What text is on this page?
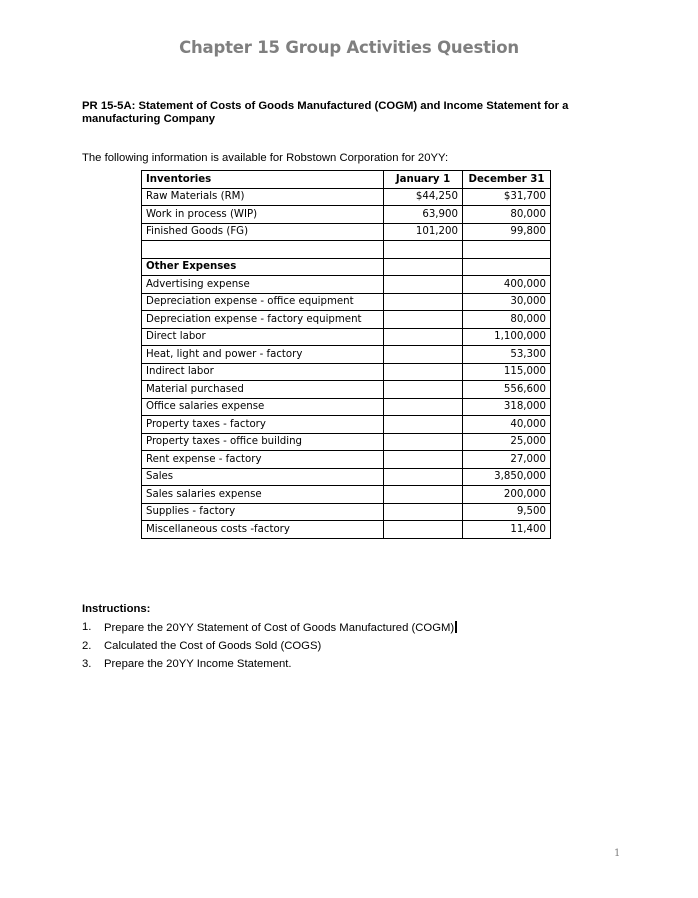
Chapter 15 Group Activities Question
PR 15-5A: Statement of Costs of Goods Manufactured (COGM) and Income Statement for a manufacturing Company
The following information is available for Robstown Corporation for 20YY:
Inventories	January 1	December 31
Raw Materials (RM)	$44,250	$31,700
Work in process (WIP)	63,900	80,000
Finished Goods (FG)	101,200	99,800

Other Expenses		
Advertising expense		400,000
Depreciation expense - office equipment		30,000
Depreciation expense - factory equipment		80,000
Direct labor		1,100,000
Heat, light and power - factory		53,300
Indirect labor		115,000
Material purchased		556,600
Office salaries expense		318,000
Property taxes - factory		40,000
Property taxes - office building		25,000
Rent expense - factory		27,000
Sales		3,850,000
Sales salaries expense		200,000
Supplies - factory		9,500
Miscellaneous costs -factory		11,400
Instructions:
1.	Prepare the 20YY Statement of Cost of Goods Manufactured (COGM)
2.	Calculated the Cost of Goods Sold (COGS)
3.	Prepare the 20YY Income Statement.
1
